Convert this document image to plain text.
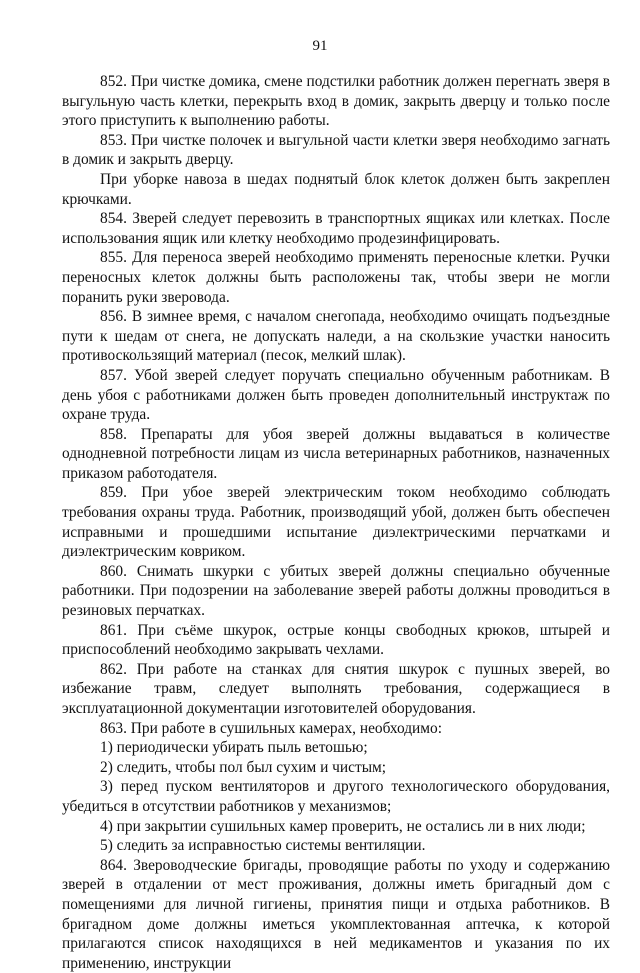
91

852. При чистке домика, смене подстилки работник должен перегнать зверя в выгульную часть клетки, перекрыть вход в домик, закрыть дверцу и только после этого приступить к выполнению работы.

853. При чистке полочек и выгульной части клетки зверя необходимо загнать в домик и закрыть дверцу.

При уборке навоза в шедах поднятый блок клеток должен быть закреплен крючками.

854. Зверей следует перевозить в транспортных ящиках или клетках. После использования ящик или клетку необходимо продезинфицировать.

855. Для переноса зверей необходимо применять переносные клетки. Ручки переносных клеток должны быть расположены так, чтобы звери не могли поранить руки зверовода.

856. В зимнее время, с началом снегопада, необходимо очищать подъездные пути к шедам от снега, не допускать наледи, а на скользкие участки наносить противоскользящий материал (песок, мелкий шлак).

857. Убой зверей следует поручать специально обученным работникам. В день убоя с работниками должен быть проведен дополнительный инструктаж по охране труда.

858. Препараты для убоя зверей должны выдаваться в количестве однодневной потребности лицам из числа ветеринарных работников, назначенных приказом работодателя.

859. При убое зверей электрическим током необходимо соблюдать требования охраны труда. Работник, производящий убой, должен быть обеспечен исправными и прошедшими испытание диэлектрическими перчатками и диэлектрическим ковриком.

860. Снимать шкурки с убитых зверей должны специально обученные работники. При подозрении на заболевание зверей работы должны проводиться в резиновых перчатках.

861. При съёме шкурок, острые концы свободных крюков, штырей и приспособлений необходимо закрывать чехлами.

862. При работе на станках для снятия шкурок с пушных зверей, во избежание травм, следует выполнять требования, содержащиеся в эксплуатационной документации изготовителей оборудования.

863. При работе в сушильных камерах, необходимо:

1) периодически убирать пыль ветошью;

2) следить, чтобы пол был сухим и чистым;

3) перед пуском вентиляторов и другого технологического оборудования, убедиться в отсутствии работников у механизмов;

4) при закрытии сушильных камер проверить, не остались ли в них люди;

5) следить за исправностью системы вентиляции.

864. Звероводческие бригады, проводящие работы по уходу и содержанию зверей в отдалении от мест проживания, должны иметь бригадный дом с помещениями для личной гигиены, принятия пищи и отдыха работников. В бригадном доме должны иметься укомплектованная аптечка, к которой прилагаются список находящихся в ней медикаментов и указания по их применению, инструкции
